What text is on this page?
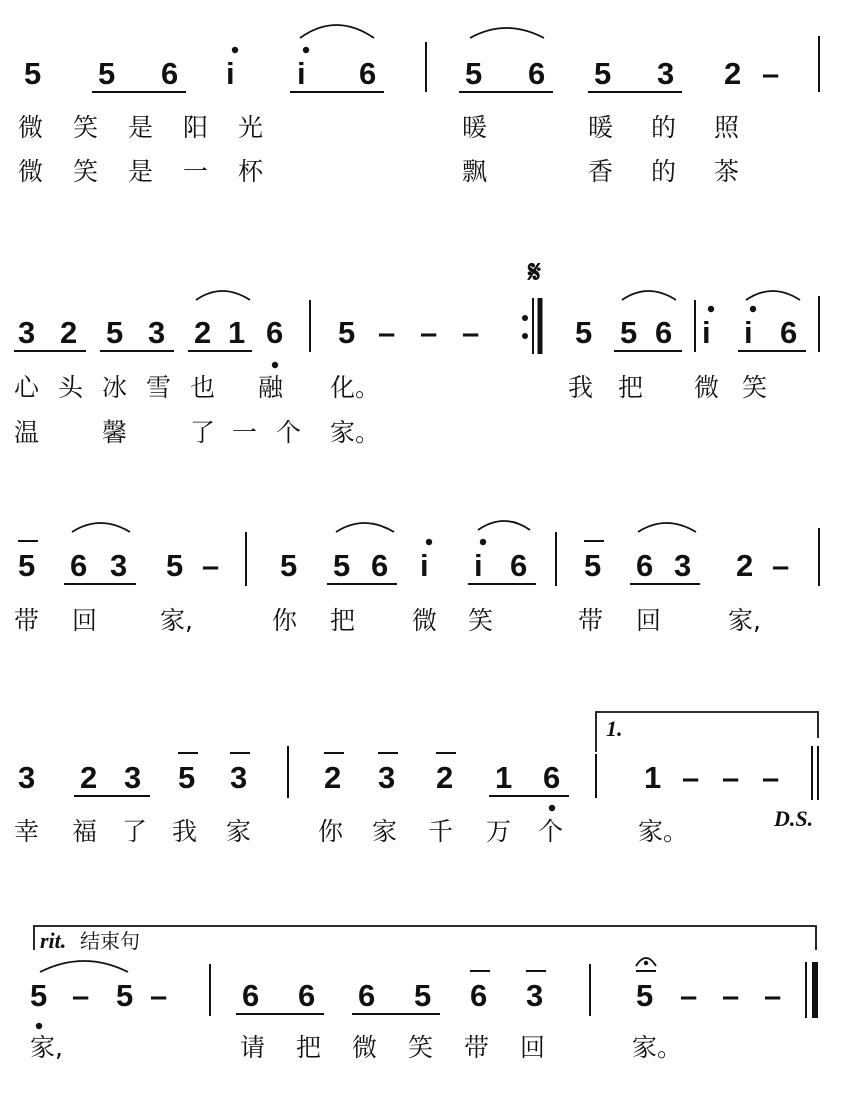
5 5 6 i i 6	5 6 5 3 2 –
微 笑 是 阳 光	暖	暖 的 照
微 笑 是 一 杯	飘	香 的 茶
𝄋
3 2 5 3 2 1 6 5 – – –	5 5 6 i i 6
心 头 冰 雪 也 融 化。	我 把 微 笑
温	馨	了 一 个 家。
5 6 3 5 – 5 5 6 i i 6 5 6 3 2 –
带 回	家,	你 把 微 笑	带 回	家,
1.
3 2 3 5 3 2 3 2 1 6	1 – – –
幸 福 了 我 家	你 家 千 万 个	家。	D.S.
rit. 结束句
5 – 5 – 6 6 6 5 6 3	5 – – –
家,	请 把 微 笑 带 回	家。
